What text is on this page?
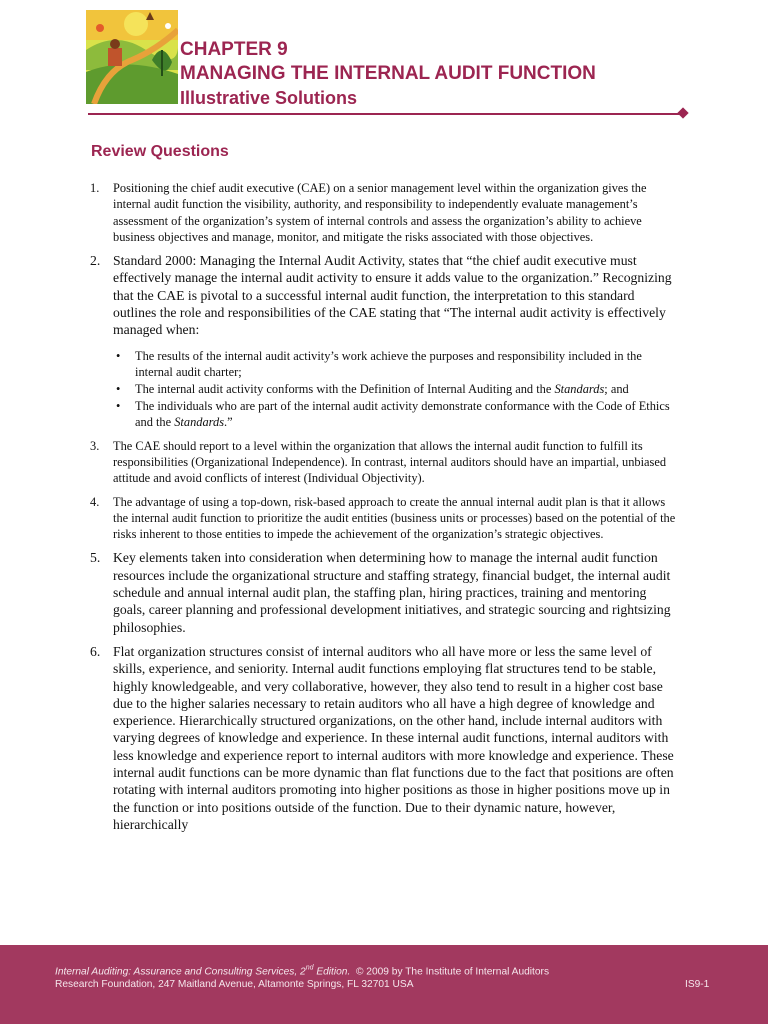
CHAPTER 9
MANAGING THE INTERNAL AUDIT FUNCTION
Illustrative Solutions
Review Questions
1. Positioning the chief audit executive (CAE) on a senior management level within the organization gives the internal audit function the visibility, authority, and responsibility to independently evaluate management’s assessment of the organization’s system of internal controls and assess the organization’s ability to achieve business objectives and manage, monitor, and mitigate the risks associated with those objectives.

2. Standard 2000: Managing the Internal Audit Activity, states that “the chief audit executive must effectively manage the internal audit activity to ensure it adds value to the organization.” Recognizing that the CAE is pivotal to a successful internal audit function, the interpretation to this standard outlines the role and responsibilities of the CAE stating that “The internal audit activity is effectively managed when:

• The results of the internal audit activity’s work achieve the purposes and responsibility included in the internal audit charter;
• The internal audit activity conforms with the Definition of Internal Auditing and the Standards; and
• The individuals who are part of the internal audit activity demonstrate conformance with the Code of Ethics and the Standards.”
3. The CAE should report to a level within the organization that allows the internal audit function to fulfill its responsibilities (Organizational Independence). In contrast, internal auditors should have an impartial, unbiased attitude and avoid conflicts of interest (Individual Objectivity).

4. The advantage of using a top-down, risk-based approach to create the annual internal audit plan is that it allows the internal audit function to prioritize the audit entities (business units or processes) based on the potential of the risks inherent to those entities to impede the achievement of the organization’s strategic objectives.

5. Key elements taken into consideration when determining how to manage the internal audit function resources include the organizational structure and staffing strategy, financial budget, the internal audit schedule and annual internal audit plan, the staffing plan, hiring practices, training and mentoring goals, career planning and professional development initiatives, and strategic sourcing and rightsizing philosophies.

6. Flat organization structures consist of internal auditors who all have more or less the same level of skills, experience, and seniority. Internal audit functions employing flat structures tend to be stable, highly knowledgeable, and very collaborative, however, they also tend to result in a higher cost base due to the higher salaries necessary to retain auditors who all have a high degree of knowledge and experience. Hierarchically structured organizations, on the other hand, include internal auditors with varying degrees of knowledge and experience. In these internal audit functions, internal auditors with less knowledge and experience report to internal auditors with more knowledge and experience. These internal audit functions can be more dynamic than flat functions due to the fact that positions are often rotating with internal auditors promoting into higher positions as those in higher positions move up in the function or into positions outside of the function. Due to their dynamic nature, however, hierarchically

Internal Auditing: Assurance and Consulting Services, 2nd Edition. © 2009 by The Institute of Internal Auditors
Research Foundation, 247 Maitland Avenue, Altamonte Springs, FL 32701 USA	IS9-1
